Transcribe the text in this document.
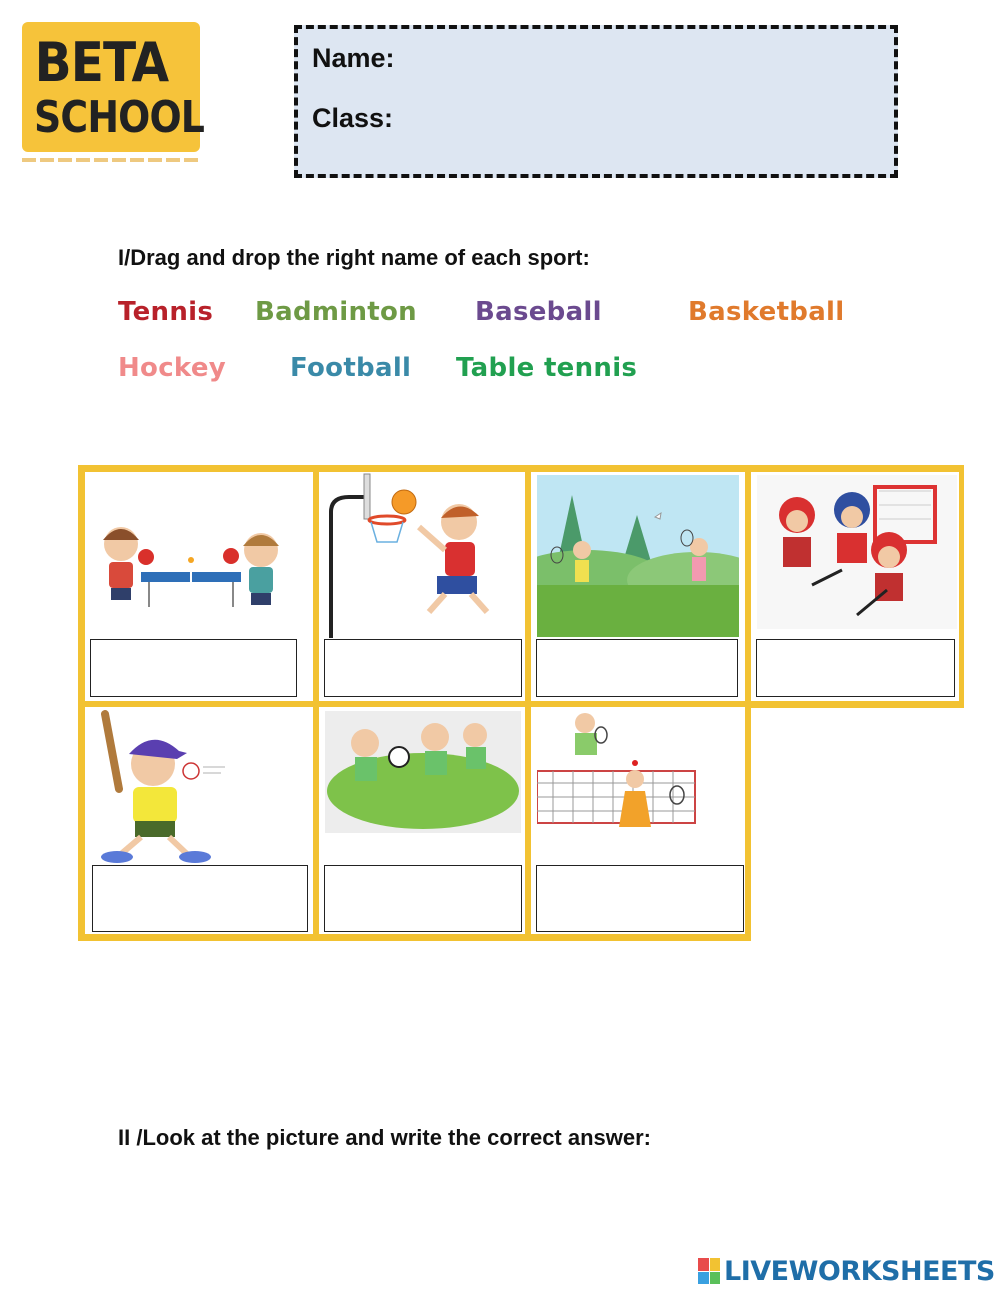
BETA
SCHOOL
Name:
Class:
I/Drag and drop the right name of each sport:
Tennis Badminton Baseball	Basketball
Hockey Football Table tennis
II /Look at the picture and write the correct answer:
LIVEWORKSHEETS
